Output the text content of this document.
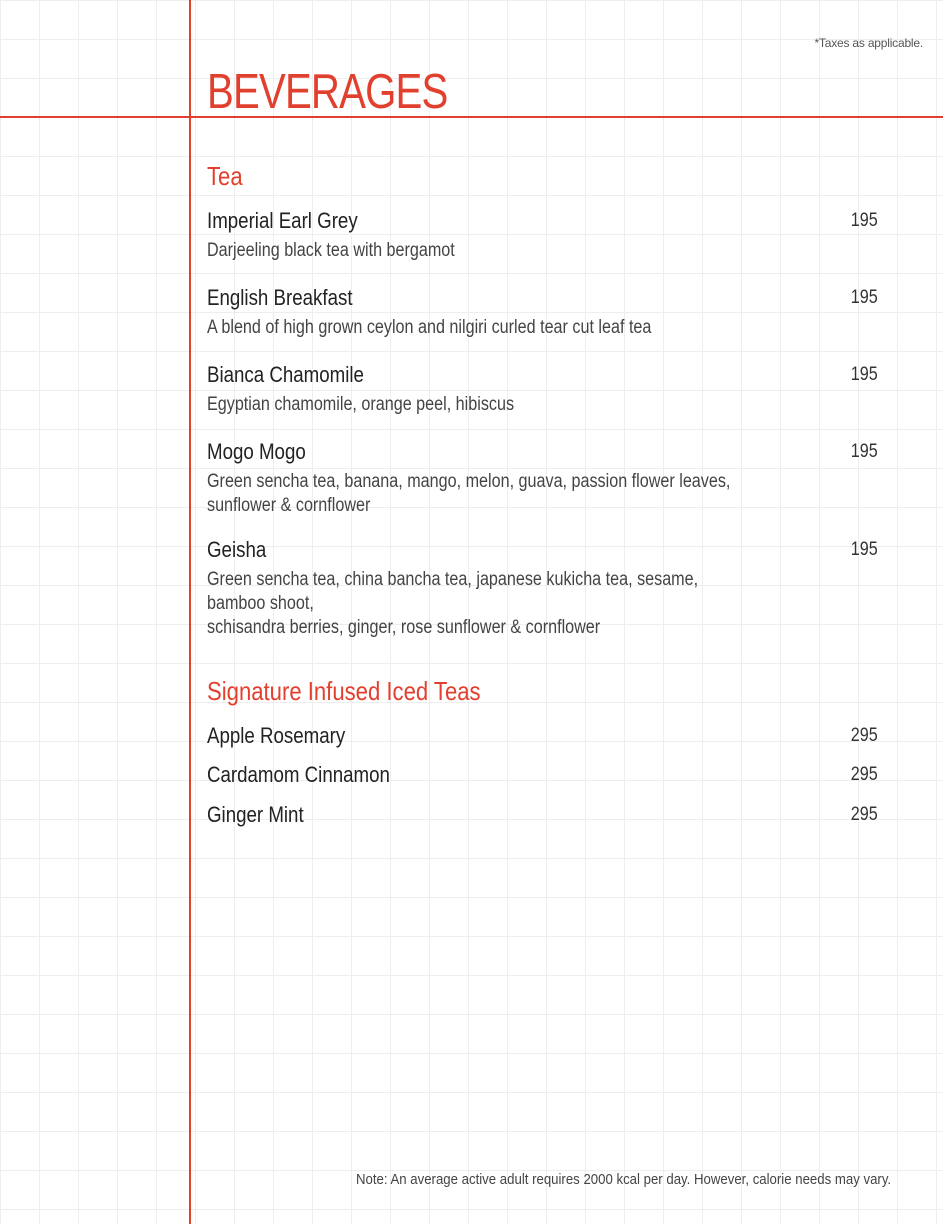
*Taxes as applicable.
BEVERAGES
Tea
Imperial Earl Grey	195
Darjeeling black tea with bergamot
English Breakfast	195
A blend of high grown ceylon and nilgiri curled tear cut leaf tea
Bianca Chamomile	195
Egyptian chamomile, orange peel, hibiscus
Mogo Mogo	195
Green sencha tea, banana, mango, melon, guava, passion flower leaves,
sunflower & cornflower
Geisha	195
Green sencha tea, china bancha tea, japanese kukicha tea, sesame, bamboo shoot,
schisandra berries, ginger, rose sunflower & cornflower
Signature Infused Iced Teas
Apple Rosemary	295
Cardamom Cinnamon	295
Ginger Mint	295
Note: An average active adult requires 2000 kcal per day. However, calorie needs may vary.
